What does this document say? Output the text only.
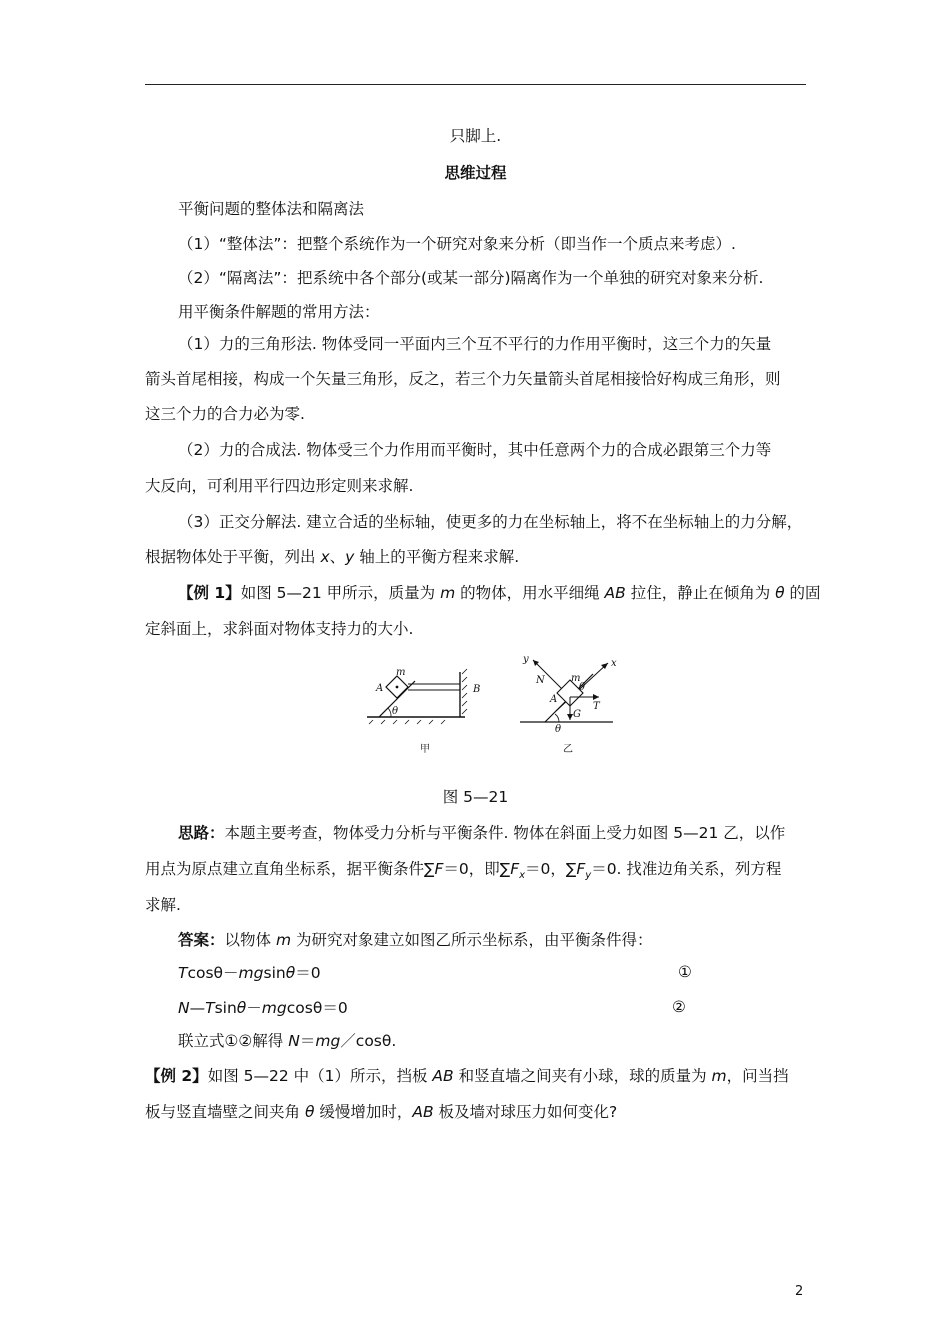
只脚上.
思维过程
平衡问题的整体法和隔离法
（1）“整体法”：把整个系统作为一个研究对象来分析（即当作一个质点来考虑）.
（2）“隔离法”：把系统中各个部分(或某一部分)隔离作为一个单独的研究对象来分析.
用平衡条件解题的常用方法：
（1）力的三角形法. 物体受同一平面内三个互不平行的力作用平衡时，这三个力的矢量
箭头首尾相接，构成一个矢量三角形，反之，若三个力矢量箭头首尾相接恰好构成三角形，则
这三个力的合力必为零.
（2）力的合成法. 物体受三个力作用而平衡时，其中任意两个力的合成必跟第三个力等
大反向，可利用平行四边形定则来求解.
（3）正交分解法. 建立合适的坐标轴，使更多的力在坐标轴上，将不在坐标轴上的力分解，
根据物体处于平衡，列出 x、y 轴上的平衡方程来求解.
【例 1】如图 5—21 甲所示，质量为 m 的物体，用水平细绳 AB 拉住，静止在倾角为 θ 的固
定斜面上，求斜面对物体支持力的大小.
A
m
B
θ
甲
y	x
N	m
θ
A
T
G
θ
乙
图 5—21
思路：本题主要考查，物体受力分析与平衡条件. 物体在斜面上受力如图 5—21 乙，以作
用点为原点建立直角坐标系，据平衡条件∑F＝0，即$\sum F_x=0$，$\sum F_y=0$. 找准边角关系，列方程
求解.
答案：以物体 m 为研究对象建立如图乙所示坐标系，由平衡条件得：
Tcosθ－mgsinθ＝0	①
N—Tsinθ－mgcosθ＝0	②
联立式①②解得 N＝mg／cosθ.
【例 2】如图 5—22 中（1）所示，挡板 AB 和竖直墙之间夹有小球，球的质量为 m，问当挡
板与竖直墙壁之间夹角 θ 缓慢增加时，AB 板及墙对球压力如何变化?
2
